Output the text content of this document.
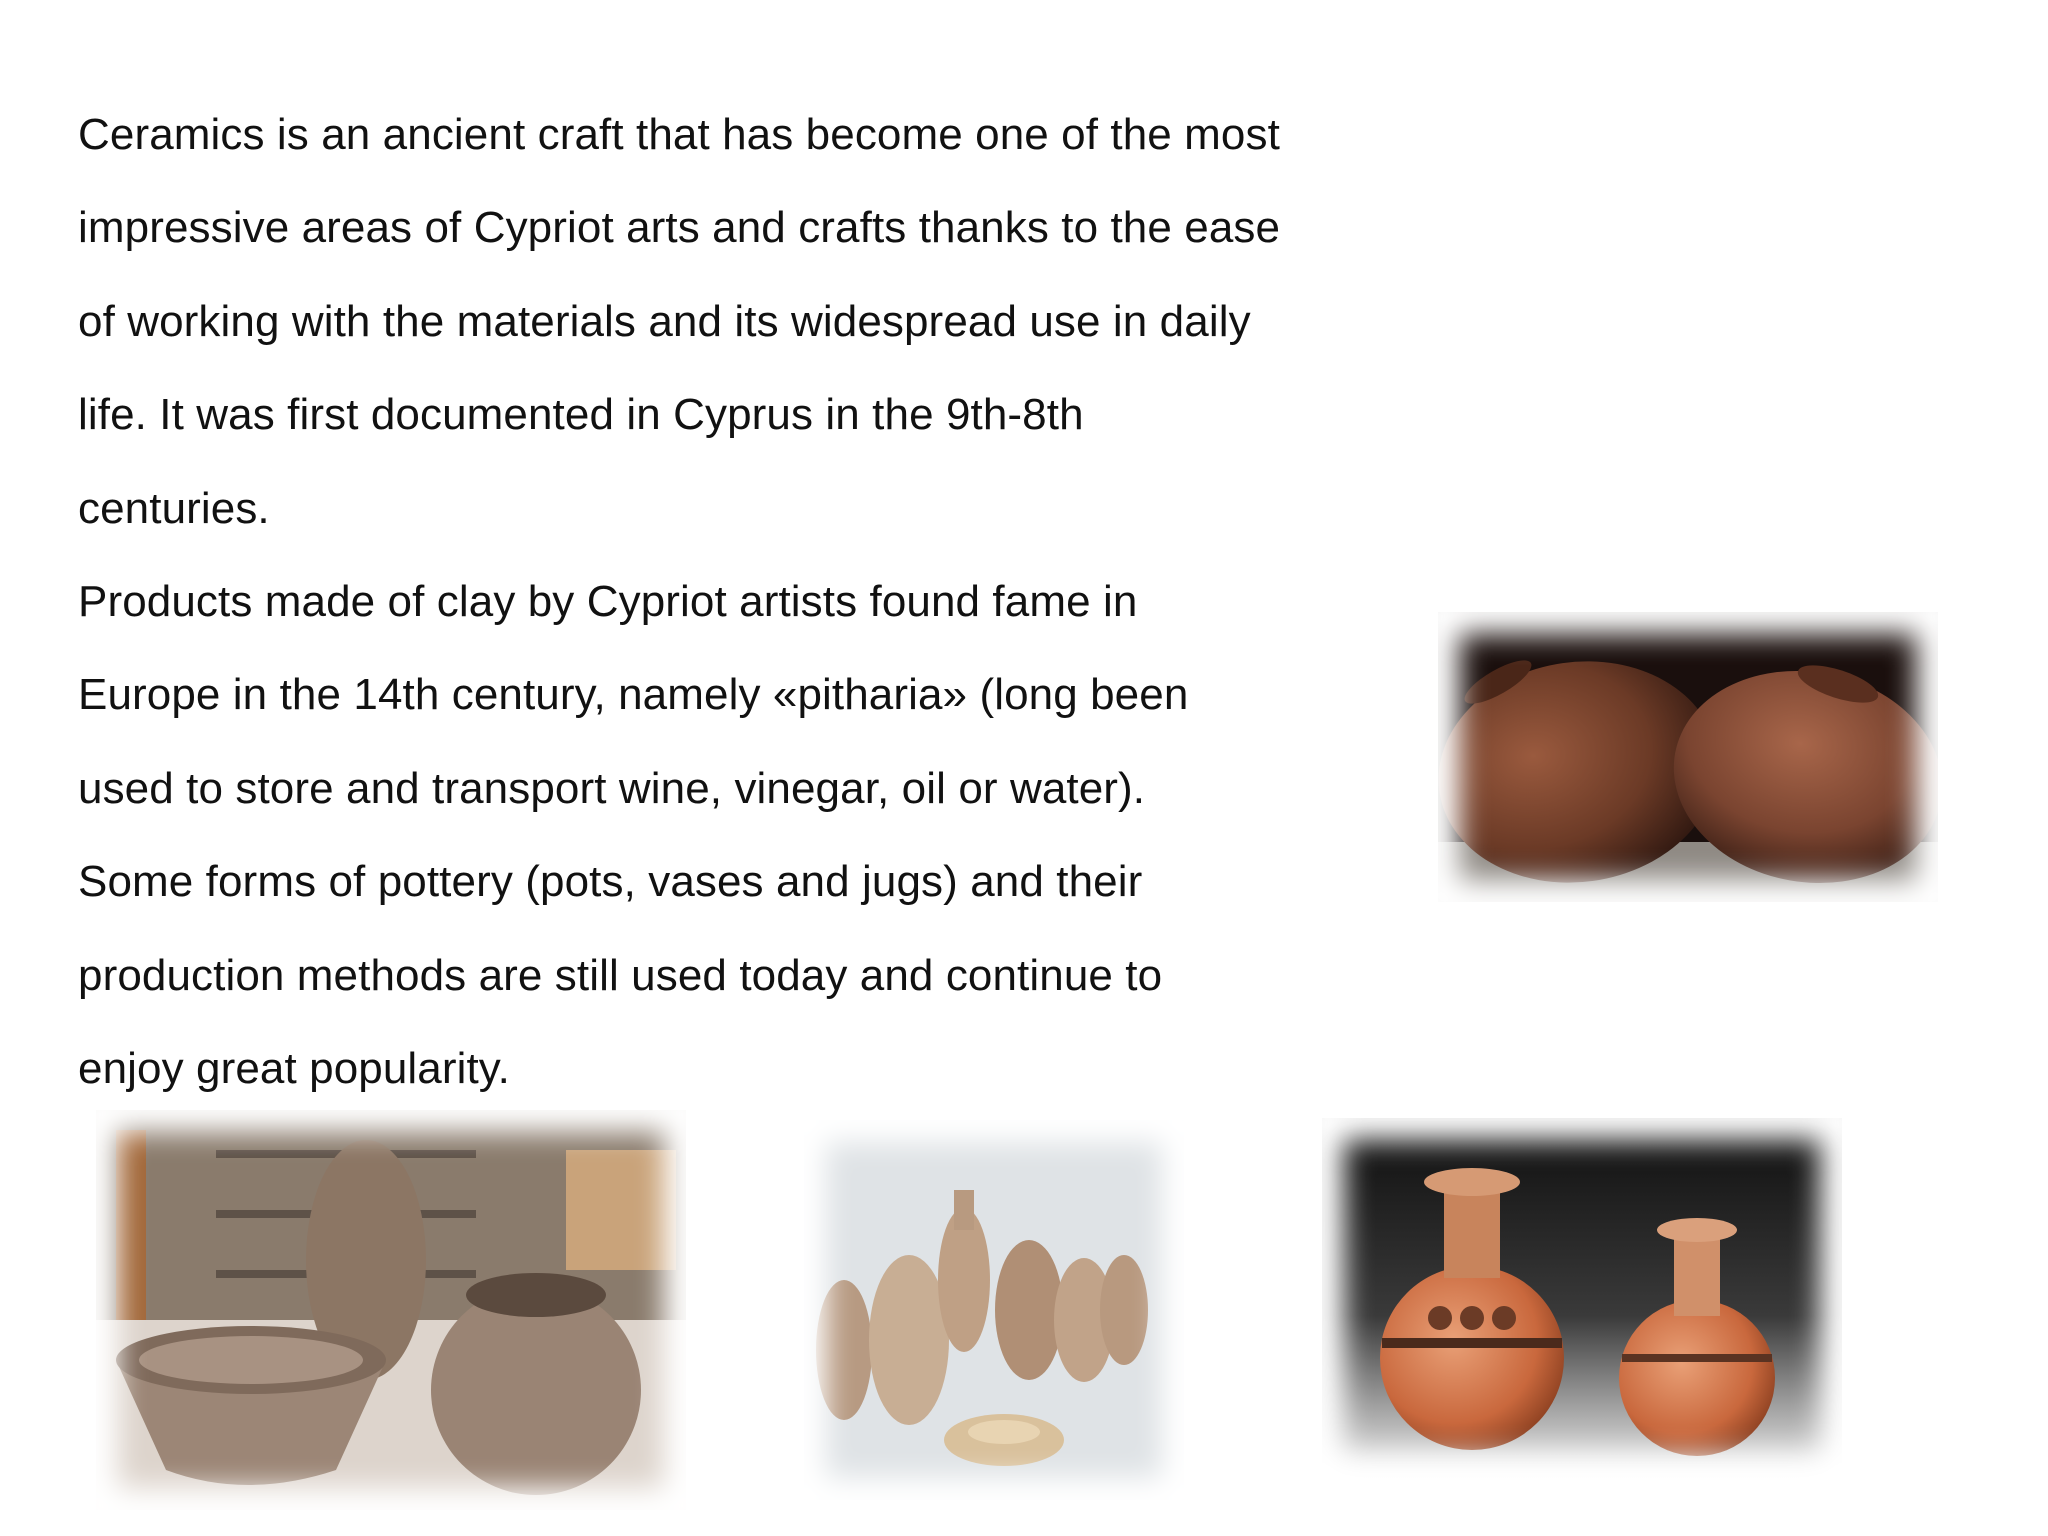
Ceramics is an ancient craft that has become one of the most
impressive areas of Cypriot arts and crafts thanks to the ease
of working with the materials and its widespread use in daily
life. It was first documented in Cyprus in the 9th-8th
centuries.
Products made of clay by Cypriot artists found fame in
Europe in the 14th century, namely «pitharia» (long been
used to store and transport wine, vinegar, oil or water).
Some forms of pottery (pots, vases and jugs) and their
production methods are still used today and continue to
enjoy great popularity.
